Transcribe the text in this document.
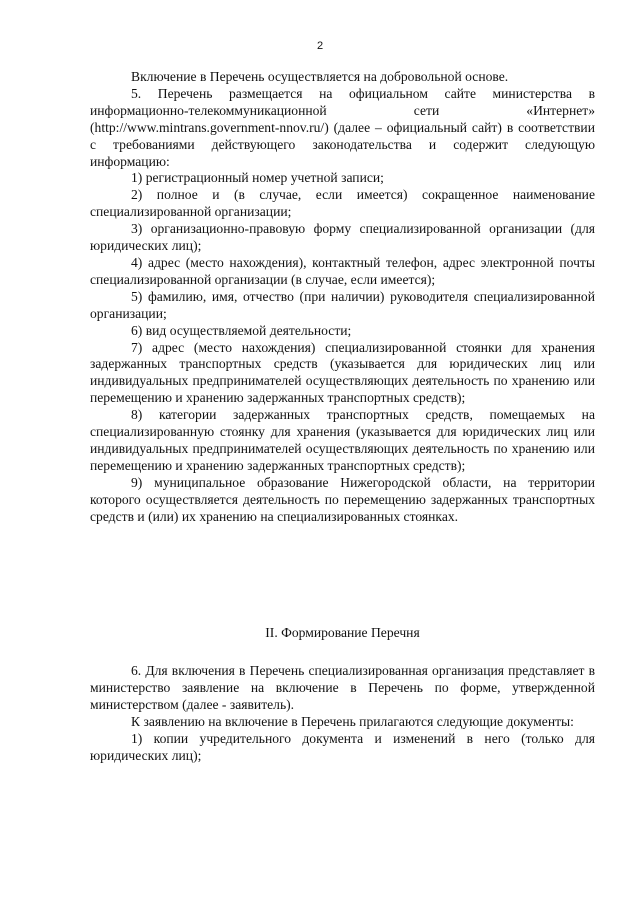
2

Включение в Перечень осуществляется на добровольной основе.

5. Перечень размещается на официальном сайте министерства в информационно-телекоммуникационной сети «Интернет» (http://www.mintrans.government-nnov.ru/) (далее – официальный сайт) в соответствии с требованиями действующего законодательства и содержит следующую информацию:

1) регистрационный номер учетной записи;

2) полное и (в случае, если имеется) сокращенное наименование специализированной организации;

3) организационно-правовую форму специализированной организации (для юридических лиц);

4) адрес (место нахождения), контактный телефон, адрес электронной почты специализированной организации (в случае, если имеется);

5) фамилию, имя, отчество (при наличии) руководителя специализированной организации;

6) вид осуществляемой деятельности;

7) адрес (место нахождения) специализированной стоянки для хранения задержанных транспортных средств (указывается для юридических лиц или индивидуальных предпринимателей осуществляющих деятельность по хранению или перемещению и хранению задержанных транспортных средств);

8) категории задержанных транспортных средств, помещаемых на специализированную стоянку для хранения (указывается для юридических лиц или индивидуальных предпринимателей осуществляющих деятельность по хранению или перемещению и хранению задержанных транспортных средств);

9) муниципальное образование Нижегородской области, на территории которого осуществляется деятельность по перемещению задержанных транспортных средств и (или) их хранению на специализированных стоянках.

II. Формирование Перечня

6. Для включения в Перечень специализированная организация представляет в министерство заявление на включение в Перечень по форме, утвержденной министерством (далее - заявитель).

К заявлению на включение в Перечень прилагаются следующие документы:

1) копии учредительного документа и изменений в него (только для юридических лиц);
